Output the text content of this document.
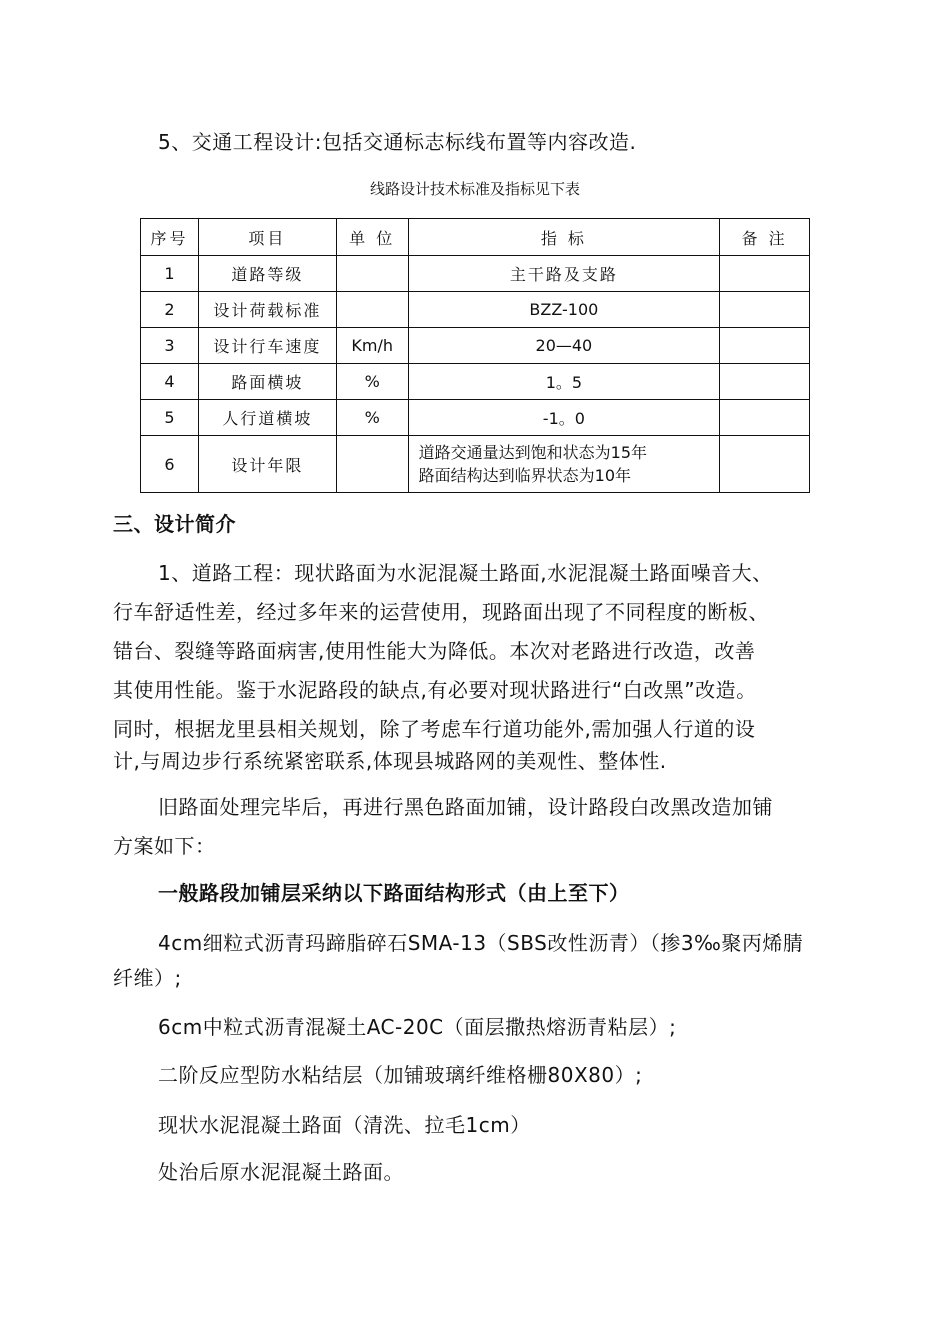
5、交通工程设计:包括交通标志标线布置等内容改造.
线路设计技术标准及指标见下表
序号	项目	单 位	指 标	备 注
1	道路等级		主干路及支路	
2	设计荷载标准		BZZ-100	
3	设计行车速度	Km/h	20—40	
4	路面横坡	%	1。5	
5	人行道横坡	%	-1。0	
6	设计年限		道路交通量达到饱和状态为15年
路面结构达到临界状态为10年	

三、设计简介
1、道路工程：现状路面为水泥混凝土路面,水泥混凝土路面噪音大、
行车舒适性差，经过多年来的运营使用，现路面出现了不同程度的断板、
错台、裂缝等路面病害,使用性能大为降低。本次对老路进行改造，改善
其使用性能。鉴于水泥路段的缺点,有必要对现状路进行“白改黑”改造。
同时，根据龙里县相关规划，除了考虑车行道功能外,需加强人行道的设
计,与周边步行系统紧密联系,体现县城路网的美观性、整体性.
旧路面处理完毕后，再进行黑色路面加铺，设计路段白改黑改造加铺
方案如下：
一般路段加铺层采纳以下路面结构形式（由上至下）
4cm细粒式沥青玛蹄脂碎石SMA-13（SBS改性沥青）（掺3‰聚丙烯腈
纤维）;
6cm中粒式沥青混凝土AC-20C（面层撒热熔沥青粘层）;
二阶反应型防水粘结层（加铺玻璃纤维格栅80X80）;
现状水泥混凝土路面（清洗、拉毛1cm）
处治后原水泥混凝土路面。
